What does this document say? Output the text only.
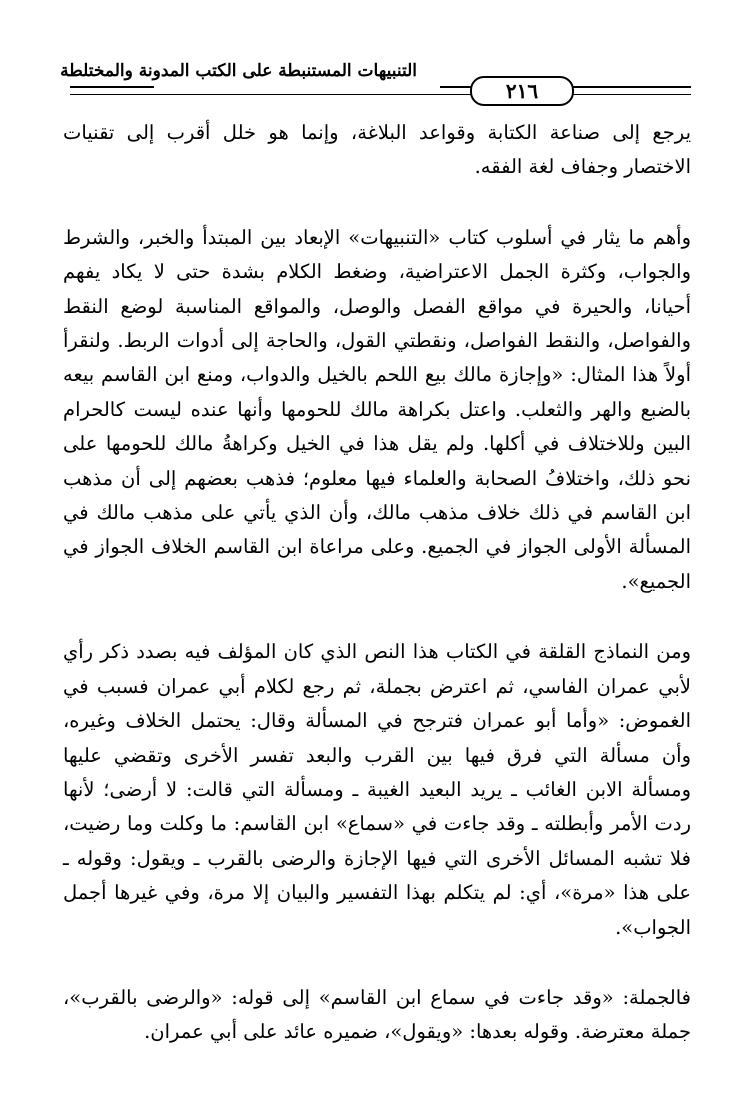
التنبيهات المستنبطة على الكتب المدونة والمختلطة
٢١٦

يرجع إلى صناعة الكتابة وقواعد البلاغة، وإنما هو خلل أقرب إلى تقنيات الاختصار وجفاف لغة الفقه.

وأهم ما يثار في أسلوب كتاب «التنبيهات» الإبعاد بين المبتدأ والخبر، والشرط والجواب، وكثرة الجمل الاعتراضية، وضغط الكلام بشدة حتى لا يكاد يفهم أحيانا، والحيرة في مواقع الفصل والوصل، والمواقع المناسبة لوضع النقط والفواصل، والنقط الفواصل، ونقطتي القول، والحاجة إلى أدوات الربط. ولنقرأ أولاً هذا المثال: «وإجازة مالك بيع اللحم بالخيل والدواب، ومنع ابن القاسم بيعه بالضبع والهر والثعلب. واعتل بكراهة مالك للحومها وأنها عنده ليست كالحرام البين وللاختلاف في أكلها. ولم يقل هذا في الخيل وكراهةُ مالك للحومها على نحو ذلك، واختلافُ الصحابة والعلماء فيها معلوم؛ فذهب بعضهم إلى أن مذهب ابن القاسم في ذلك خلاف مذهب مالك، وأن الذي يأتي على مذهب مالك في المسألة الأولى الجواز في الجميع. وعلى مراعاة ابن القاسم الخلاف الجواز في الجميع».

ومن النماذج القلقة في الكتاب هذا النص الذي كان المؤلف فيه بصدد ذكر رأي لأبي عمران الفاسي، ثم اعترض بجملة، ثم رجع لكلام أبي عمران فسبب في الغموض: «وأما أبو عمران فترجح في المسألة وقال: يحتمل الخلاف وغيره، وأن مسألة التي فرق فيها بين القرب والبعد تفسر الأخرى وتقضي عليها ومسألة الابن الغائب ـ يريد البعيد الغيبة ـ ومسألة التي قالت: لا أرضى؛ لأنها ردت الأمر وأبطلته ـ وقد جاءت في «سماع» ابن القاسم: ما وكلت وما رضيت، فلا تشبه المسائل الأخرى التي فيها الإجازة والرضى بالقرب ـ ويقول: وقوله ـ على هذا «مرة»، أي: لم يتكلم بهذا التفسير والبيان إلا مرة، وفي غيرها أجمل الجواب».

فالجملة: «وقد جاءت في سماع ابن القاسم» إلى قوله: «والرضى بالقرب»، جملة معترضة. وقوله بعدها: «ويقول»، ضميره عائد على أبي عمران.
